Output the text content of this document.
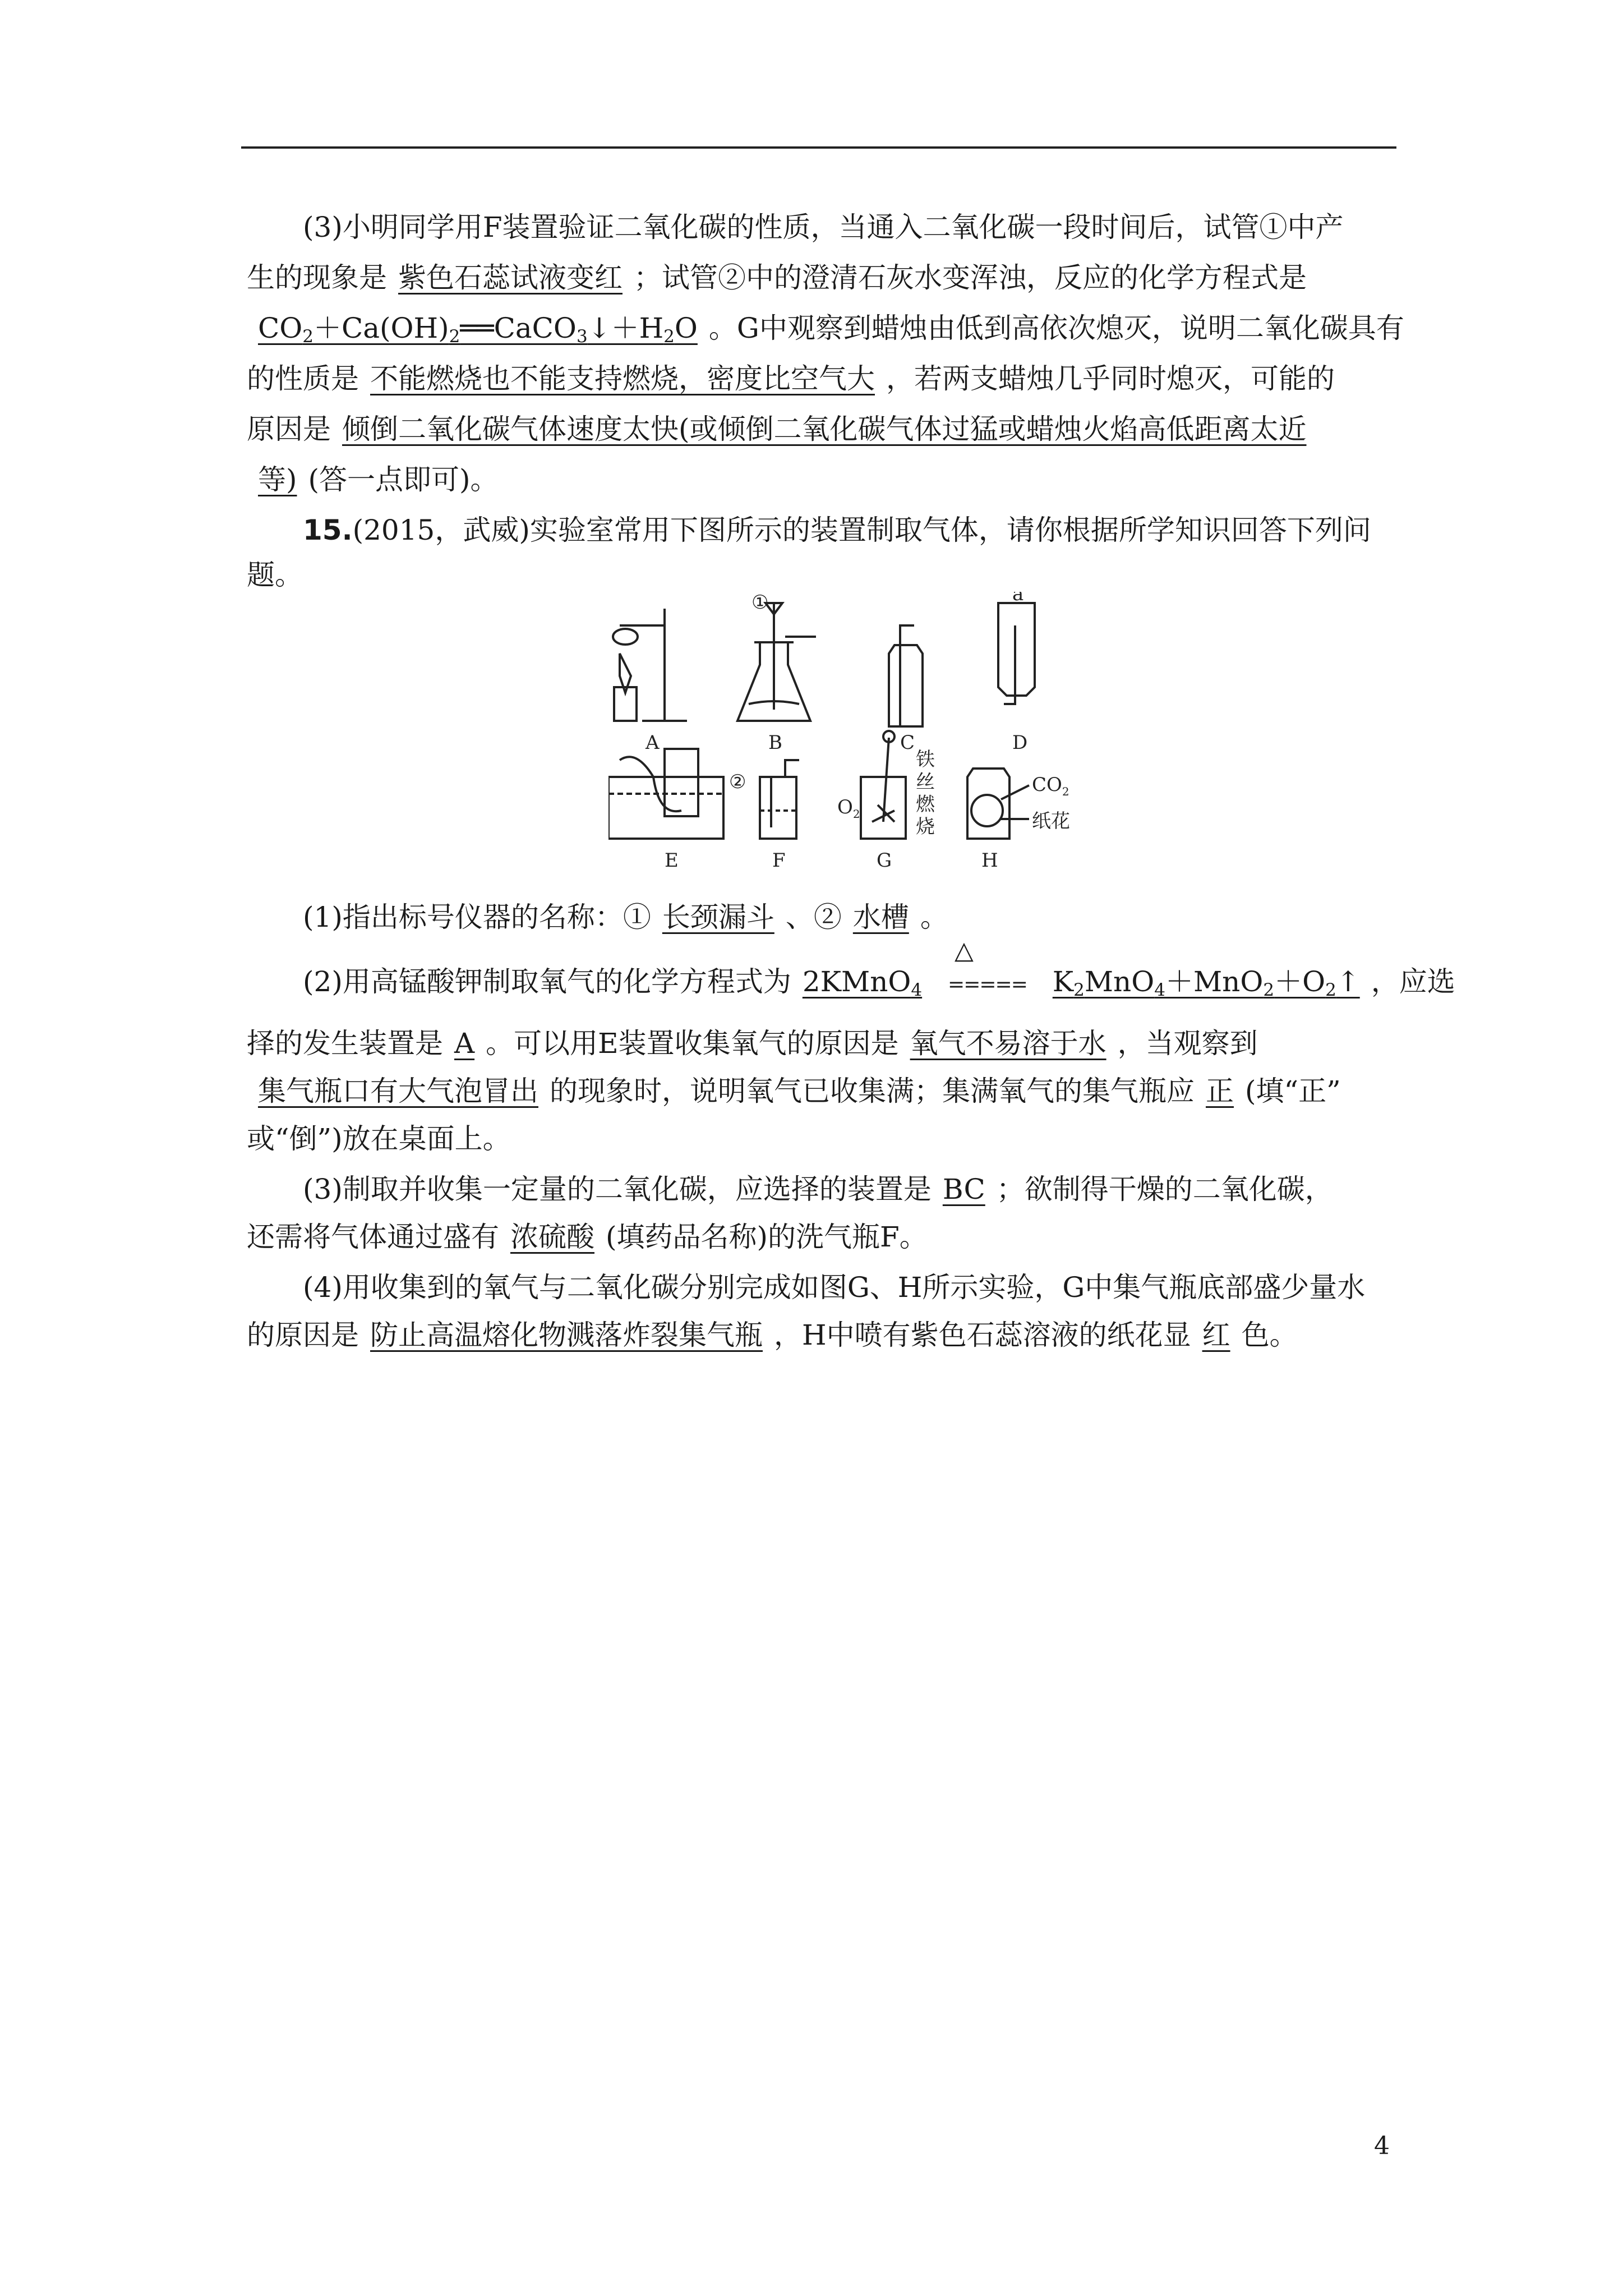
(3)小明同学用F装置验证二氧化碳的性质，当通入二氧化碳一段时间后，试管①中产
生的现象是 紫色石蕊试液变红 ；试管②中的澄清石灰水变浑浊，反应的化学方程式是
$CO_2+Ca(OH)_2══CaCO_3↓+H_2O$ 。G中观察到蜡烛由低到高依次熄灭，说明二氧化碳具有
的性质是 不能燃烧也不能支持燃烧，密度比空气大 ，若两支蜡烛几乎同时熄灭，可能的
原因是 倾倒二氧化碳气体速度太快(或倾倒二氧化碳气体过猛或蜡烛火焰高低距离太近
等) (答一点即可)。
15.(2015，武威)实验室常用下图所示的装置制取气体，请你根据所学知识回答下列问
题。
(1)指出标号仪器的名称：① 长颈漏斗 、② 水槽 。
(2)用高锰酸钾制取氧气的化学方程式为 2KMnO$_4$
△
===== $K_2MnO_4+MnO_2+O_2↑$ ，应选
择的发生装置是 A 。可以用E装置收集氧气的原因是 氧气不易溶于水 ，当观察到
集气瓶口有大气泡冒出 的现象时，说明氧气已收集满；集满氧气的集气瓶应 正 (填“正”
或“倒”)放在桌面上。
(3)制取并收集一定量的二氧化碳，应选择的装置是 BC ；欲制得干燥的二氧化碳，
还需将气体通过盛有 浓硫酸 (填药品名称)的洗气瓶F。
(4)用收集到的氧气与二氧化碳分别完成如图G、H所示实验，G中集气瓶底部盛少量水
的原因是 防止高温熔化物溅落炸裂集气瓶 ，H中喷有紫色石蕊溶液的纸花显 红 色。
A	B	C	D
E	F	G	H
①
②
a
$O_2$
铁
丝
燃
烧
$CO_2$
纸花
4
